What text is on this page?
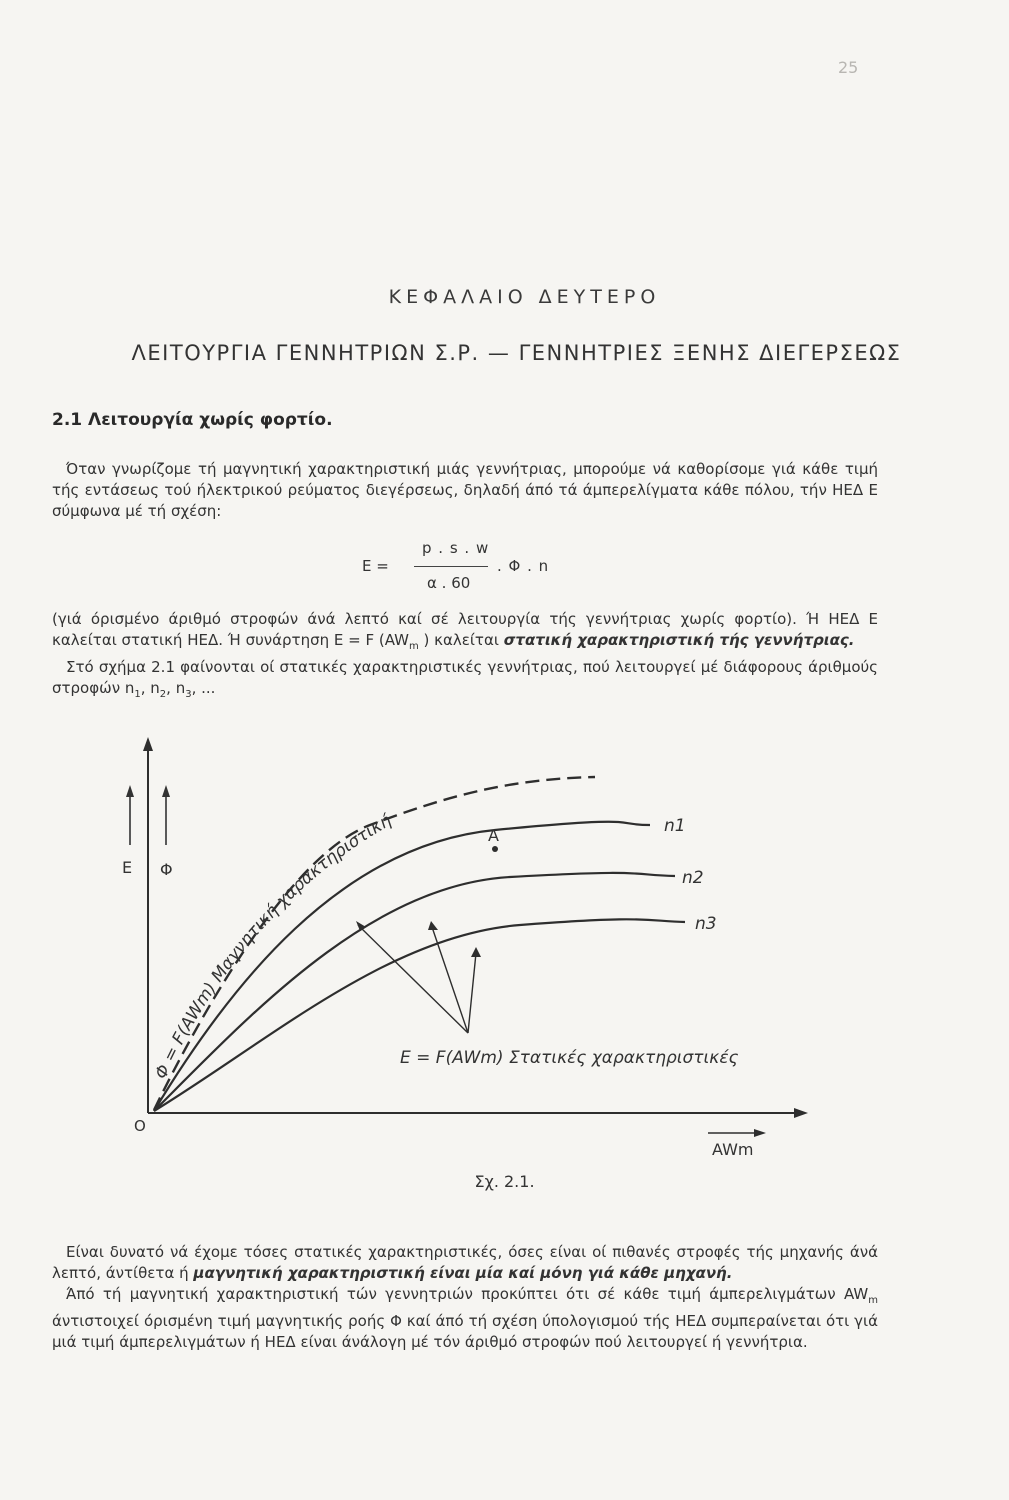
25
ΚΕΦΑΛΑΙΟ ΔΕΥΤΕΡΟ
ΛΕΙΤΟΥΡΓΙΑ ΓΕΝΝΗΤΡΙΩΝ Σ.Ρ. — ΓΕΝΝΗΤΡΙΕΣ ΞΕΝΗΣ ΔΙΕΓΕΡΣΕΩΣ
2.1 Λειτουργία χωρίς φορτίο.
Όταν γνωρίζομε τή μαγνητική χαρακτηριστική μιάς γεννήτριας, μπορούμε νά καθορίσομε γιά κάθε τιμή τής εντάσεως τού ήλεκτρικού ρεύματος διεγέρσεως, δηλαδή άπό τά άμπερελίγματα κάθε πόλου, τήν ΗΕΔ Ε σύμφωνα μέ τή σχέση:
E =
p . s . w
α . 60
. Φ . n
(γιά όρισμένο άριθμό στροφών άνά λεπτό καί σέ λειτουργία τής γεννήτριας χωρίς φορτίο). Ή ΗΕΔ Ε καλείται στατική ΗΕΔ. Ή συνάρτηση E = F ($AW_m$ ) καλείται στατική χαρακτηριστική τής γεννήτριας.
Στό σχήμα 2.1 φαίνονται οί στατικές χαρακτηριστικές γεννήτριας, πού λειτουργεί μέ διάφορους άριθμούς στροφών $n_1$, $n_2$, $n_3$, ...
E Φ
O
A	n1
n2
n3
Φ = F(AWm) Μαγνητική χαρακτηριστική
E = F(AWm) Στατικές χαρακτηριστικές
AWm
Σχ. 2.1.
Είναι δυνατό νά έχομε τόσες στατικές χαρακτηριστικές, όσες είναι οί πιθανές στροφές τής μηχανής άνά λεπτό, άντίθετα ή μαγνητική χαρακτηριστική είναι μία καί μόνη γιά κάθε μηχανή.
Άπό τή μαγνητική χαρακτηριστική τών γεννητριών προκύπτει ότι σέ κάθε τιμή άμπερελιγμάτων $AW_m$ άντιστοιχεί όρισμένη τιμή μαγνητικής ροής Φ καί άπό τή σχέση ύπολογισμού τής ΗΕΔ συμπεραίνεται ότι γιά μιά τιμή άμπερελιγμάτων ή ΗΕΔ είναι άνάλογη μέ τόν άριθμό στροφών πού λειτουργεί ή γεννήτρια.
